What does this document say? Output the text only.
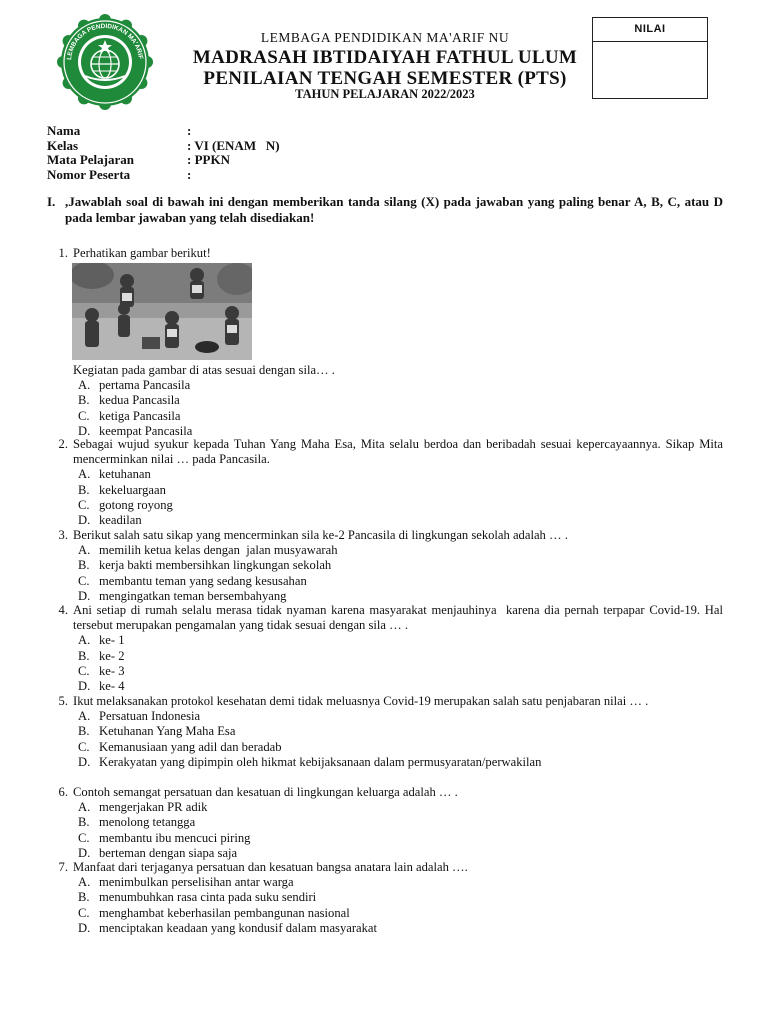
LEMBAGA PENDIDIKAN MA'ARIF
LEMBAGA PENDIDIKAN MA'ARIF NU
MADRASAH IBTIDAIYAH FATHUL ULUM
PENILAIAN TENGAH SEMESTER (PTS)
TAHUN PELAJARAN 2022/2023
NILAI
Nama	:
Kelas	: VI (ENAM   N)
Mata Pelajaran	: PPKN
Nomor Peserta	:
I. ,Jawablah soal di bawah ini dengan memberikan tanda silang (X) pada jawaban yang paling benar A, B, C, atau D pada lembar jawaban yang telah disediakan!
1. Perhatikan gambar berikut!
Kegiatan pada gambar di atas sesuai dengan sila… .
A. pertama Pancasila
B. kedua Pancasila
C. ketiga Pancasila
D. keempat Pancasila
2. Sebagai wujud syukur kepada Tuhan Yang Maha Esa, Mita selalu berdoa dan beribadah sesuai kepercayaannya. Sikap Mita mencerminkan nilai … pada Pancasila.
A. ketuhanan
B. kekeluargaan
C. gotong royong
D. keadilan
3. Berikut salah satu sikap yang mencerminkan sila ke-2 Pancasila di lingkungan sekolah adalah … .
A. memilih ketua kelas dengan  jalan musyawarah
B. kerja bakti membersihkan lingkungan sekolah
C. membantu teman yang sedang kesusahan
D. mengingatkan teman bersembahyang
4. Ani setiap di rumah selalu merasa tidak nyaman karena masyarakat menjauhinya  karena dia pernah terpapar Covid-19. Hal tersebut merupakan pengamalan yang tidak sesuai dengan sila … .
A. ke- 1
B. ke- 2
C. ke- 3
D. ke- 4
5. Ikut melaksanakan protokol kesehatan demi tidak meluasnya Covid-19 merupakan salah satu penjabaran nilai … .
A. Persatuan Indonesia
B. Ketuhanan Yang Maha Esa
C. Kemanusiaan yang adil dan beradab
D. Kerakyatan yang dipimpin oleh hikmat kebijaksanaan dalam permusyaratan/perwakilan
6. Contoh semangat persatuan dan kesatuan di lingkungan keluarga adalah … .
A. mengerjakan PR adik
B. menolong tetangga
C. membantu ibu mencuci piring
D. berteman dengan siapa saja
7. Manfaat dari terjaganya persatuan dan kesatuan bangsa anatara lain adalah ….
A. menimbulkan perselisihan antar warga
B. menumbuhkan rasa cinta pada suku sendiri
C. menghambat keberhasilan pembangunan nasional
D. menciptakan keadaan yang kondusif dalam masyarakat
